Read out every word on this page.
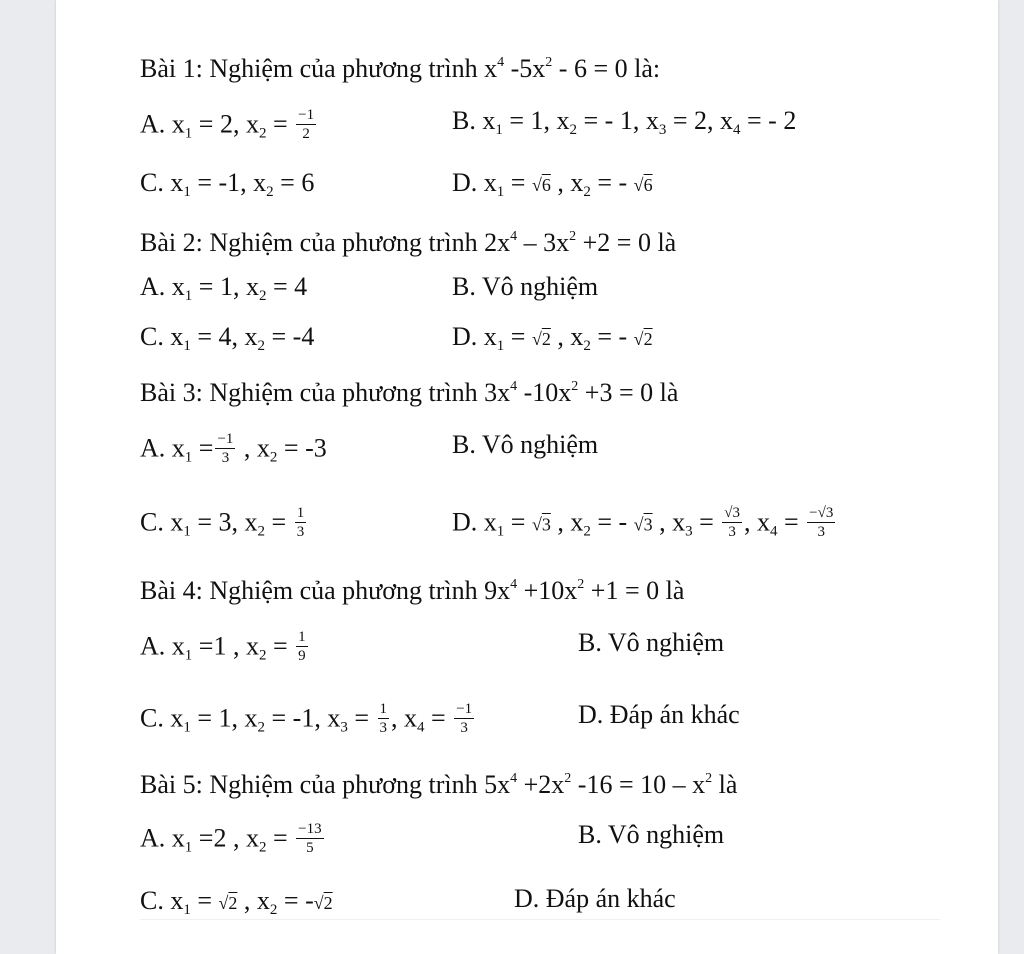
Bài 1: Nghiệm của phương trình $x^4$ $-5x^2 - 6 = 0$ là:
A. $x_1 = 2$, $x_2 = \frac{-1}{2}$	B. $x_1 = 1$, $x_2$ = - 1, $x_3 = 2$, $x_4$ = - 2
C. $x_1 = -1$, $x_2 = 6$	D. $x_1 = √6$ , $x_2$ = - √6
Bài 2: Nghiệm của phương trình $2x^4 - 3x^2 +2 = 0$ là
A. $x_1 = 1$, $x_2 = 4$	B. Vô nghiệm
C. $x_1 = 4$, $x_2 = -4$	D. $x_1 = √2$ , $x_2$ = - √2
Bài 3: Nghiệm của phương trình $3x^4$ $-10x^2 +3 = 0$ là
A. $x_1 = \frac{-1}{3}$ , $x_2 = -3$	B. Vô nghiệm
C. $x_1 = 3$, $x_2 = \frac{1}{3}$	D. $x_1 = √3$ , $x_2$ = - √3 , $x_3 = \frac{√3}{3}$ , $x_4 = \frac{-√3}{3}$
Bài 4: Nghiệm của phương trình $9x^4 +10x^2 +1 = 0$ là
A. $x_1 =1$ , $x_2 = \frac{1}{9}$	B. Vô nghiệm
C. $x_1 = 1$, $x_2 = -1$, $x_3 = \frac{1}{3}$ , $x_4 = \frac{-1}{3}$	D. Đáp án khác
Bài 5: Nghiệm của phương trình $5x^4 +2x^2$ $-16 = 10 - x^2$ là
A. $x_1 =2$ , $x_2 = \frac{-13}{5}$	B. Vô nghiệm
C. $x_1 = √2$ , $x_2 = -√2$	D. Đáp án khác
